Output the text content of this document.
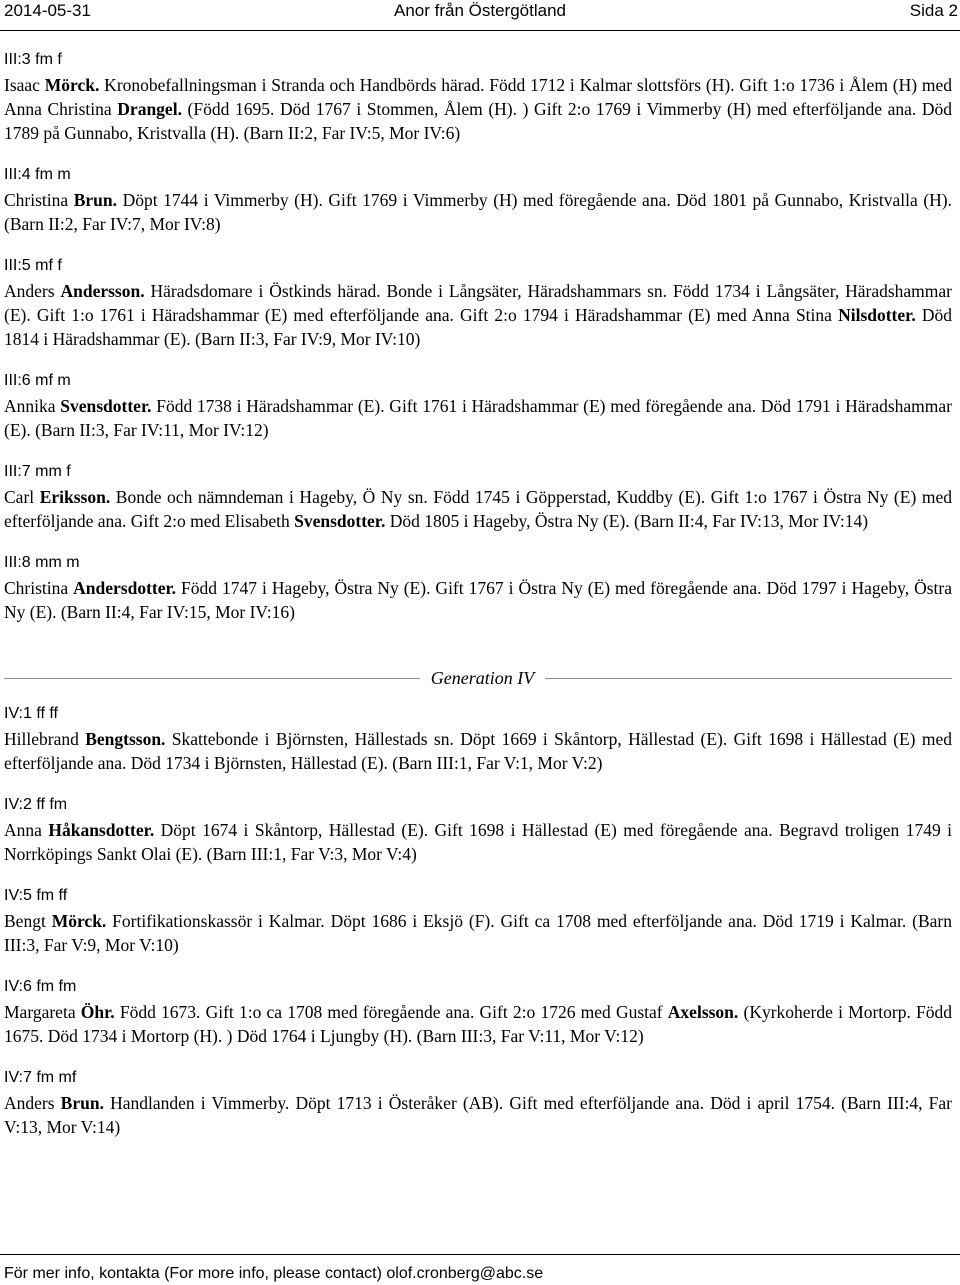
Anor från Östergötland
2014-05-31	Sida 2
III:3 fm f
Isaac Mörck. Kronobefallningsman i Stranda och Handbörds härad. Född 1712 i Kalmar slottsförs (H). Gift 1:o 1736 i Ålem (H) med Anna Christina Drangel. (Född 1695. Död 1767 i Stommen, Ålem (H). ) Gift 2:o 1769 i Vimmerby (H) med efterföljande ana. Död 1789 på Gunnabo, Kristvalla (H). (Barn II:2, Far IV:5, Mor IV:6)
III:4 fm m
Christina Brun. Döpt 1744 i Vimmerby (H). Gift 1769 i Vimmerby (H) med föregående ana. Död 1801 på Gunnabo, Kristvalla (H). (Barn II:2, Far IV:7, Mor IV:8)
III:5 mf f
Anders Andersson. Häradsdomare i Östkinds härad. Bonde i Långsäter, Häradshammars sn. Född 1734 i Långsäter, Häradshammar (E). Gift 1:o 1761 i Häradshammar (E) med efterföljande ana. Gift 2:o 1794 i Häradshammar (E) med Anna Stina Nilsdotter. Död 1814 i Häradshammar (E). (Barn II:3, Far IV:9, Mor IV:10)
III:6 mf m
Annika Svensdotter. Född 1738 i Häradshammar (E). Gift 1761 i Häradshammar (E) med föregående ana. Död 1791 i Häradshammar (E). (Barn II:3, Far IV:11, Mor IV:12)
III:7 mm f
Carl Eriksson. Bonde och nämndeman i Hageby, Ö Ny sn. Född 1745 i Göpperstad, Kuddby (E). Gift 1:o 1767 i Östra Ny (E) med efterföljande ana. Gift 2:o med Elisabeth Svensdotter. Död 1805 i Hageby, Östra Ny (E). (Barn II:4, Far IV:13, Mor IV:14)
III:8 mm m
Christina Andersdotter. Född 1747 i Hageby, Östra Ny (E). Gift 1767 i Östra Ny (E) med föregående ana. Död 1797 i Hageby, Östra Ny (E). (Barn II:4, Far IV:15, Mor IV:16)
Generation IV
IV:1 ff ff
Hillebrand Bengtsson. Skattebonde i Björnsten, Hällestads sn. Döpt 1669 i Skåntorp, Hällestad (E). Gift 1698 i Hällestad (E) med efterföljande ana. Död 1734 i Björnsten, Hällestad (E). (Barn III:1, Far V:1, Mor V:2)
IV:2 ff fm
Anna Håkansdotter. Döpt 1674 i Skåntorp, Hällestad (E). Gift 1698 i Hällestad (E) med föregående ana. Begravd troligen 1749 i Norrköpings Sankt Olai (E). (Barn III:1, Far V:3, Mor V:4)
IV:5 fm ff
Bengt Mörck. Fortifikationskassör i Kalmar. Döpt 1686 i Eksjö (F). Gift ca 1708 med efterföljande ana. Död 1719 i Kalmar. (Barn III:3, Far V:9, Mor V:10)
IV:6 fm fm
Margareta Öhr. Född 1673. Gift 1:o ca 1708 med föregående ana. Gift 2:o 1726 med Gustaf Axelsson. (Kyrkoherde i Mortorp. Född 1675. Död 1734 i Mortorp (H). ) Död 1764 i Ljungby (H). (Barn III:3, Far V:11, Mor V:12)
IV:7 fm mf
Anders Brun. Handlanden i Vimmerby. Döpt 1713 i Österåker (AB). Gift med efterföljande ana. Död i april 1754. (Barn III:4, Far V:13, Mor V:14)
För mer info, kontakta (For more info, please contact) olof.cronberg@abc.se
